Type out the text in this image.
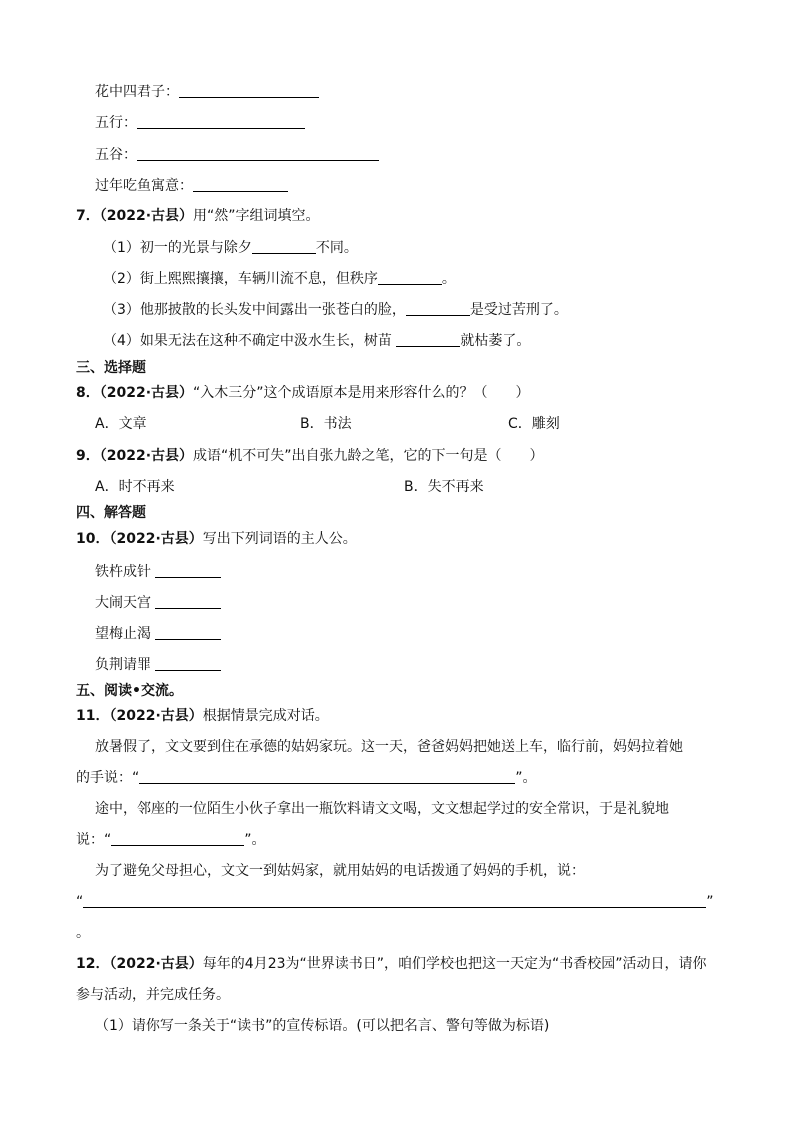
花中四君子：
五行：
五谷：
过年吃鱼寓意：
7．（2022·古县）用“然”字组词填空。
（1）初一的光景与除夕	不同。
（2）街上熙熙攘攘，车辆川流不息，但秩序	。
（3）他那披散的长头发中间露出一张苍白的脸，	是受过苦刑了。
（4）如果无法在这种不确定中汲水生长，树苗	就枯萎了。
三、选择题
8．（2022·古县）“入木三分”这个成语原本是用来形容什么的？（　　）
A．文章	B．书法	C．雕刻
9．（2022·古县）成语“机不可失”出自张九龄之笔，它的下一句是（　　）
A．时不再来	B．失不再来
四、解答题
10．（2022·古县）写出下列词语的主人公。
铁杵成针
大闹天宫
望梅止渴
负荆请罪
五、阅读•交流。
11．（2022·古县）根据情景完成对话。
放暑假了，文文要到住在承德的姑妈家玩。这一天，爸爸妈妈把她送上车，临行前，妈妈拉着她
的手说：“	”。
途中，邻座的一位陌生小伙子拿出一瓶饮料请文文喝，文文想起学过的安全常识，于是礼貌地
说：“	”。
为了避免父母担心，文文一到姑妈家，就用姑妈的电话拨通了妈妈的手机，说：
“	”
。
12．（2022·古县）每年的4月23为“世界读书日”，咱们学校也把这一天定为“书香校园”活动日，请你
参与活动，并完成任务。
（1）请你写一条关于“读书”的宣传标语。(可以把名言、警句等做为标语)
